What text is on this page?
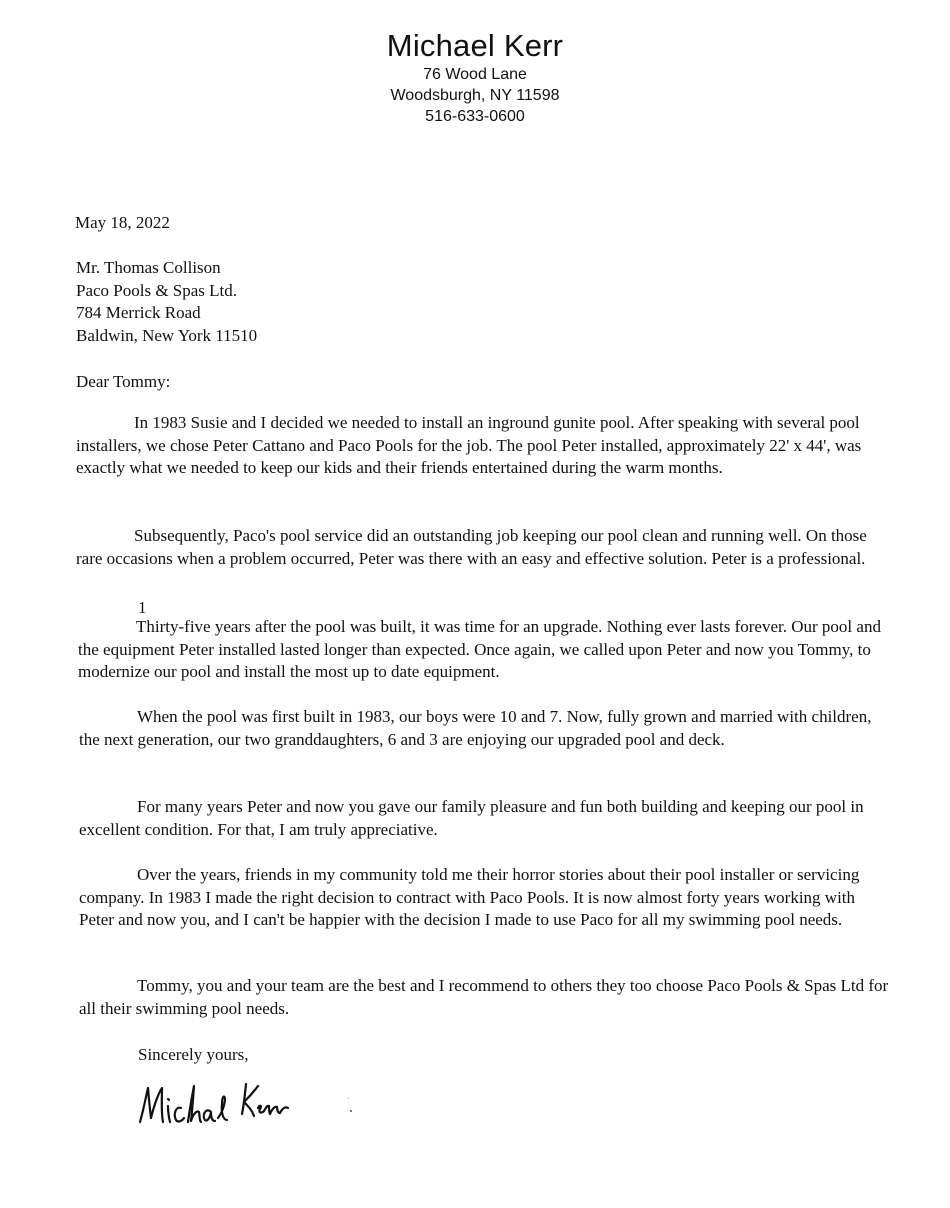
Michael Kerr
76 Wood Lane
Woodsburgh, NY 11598
516-633-0600
May 18, 2022
Mr. Thomas Collison
Paco Pools & Spas Ltd.
784 Merrick Road
Baldwin, New York 11510
Dear Tommy:
In 1983 Susie and I decided we needed to install an inground gunite pool. After speaking with several pool installers, we chose Peter Cattano and Paco Pools for the job. The pool Peter installed, approximately 22' x 44', was exactly what we needed to keep our kids and their friends entertained during the warm months.
Subsequently, Paco's pool service did an outstanding job keeping our pool clean and running well. On those rare occasions when a problem occurred, Peter was there with an easy and effective solution. Peter is a professional.
1
Thirty-five years after the pool was built, it was time for an upgrade. Nothing ever lasts forever. Our pool and the equipment Peter installed lasted longer than expected. Once again, we called upon Peter and now you Tommy, to modernize our pool and install the most up to date equipment.
When the pool was first built in 1983, our boys were 10 and 7. Now, fully grown and married with children, the next generation, our two granddaughters, 6 and 3 are enjoying our upgraded pool and deck.
For many years Peter and now you gave our family pleasure and fun both building and keeping our pool in excellent condition. For that, I am truly appreciative.
Over the years, friends in my community told me their horror stories about their pool installer or servicing company. In 1983 I made the right decision to contract with Paco Pools. It is now almost forty years working with Peter and now you, and I can't be happier with the decision I made to use Paco for all my swimming pool needs.
Tommy, you and your team are the best and I recommend to others they too choose Paco Pools & Spas Ltd for all their swimming pool needs.
Sincerely yours,
